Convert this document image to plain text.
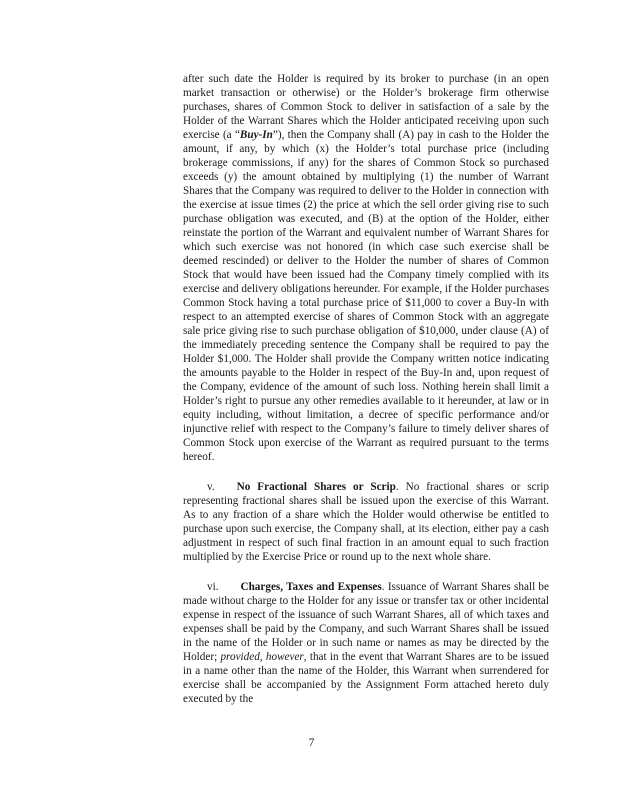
after such date the Holder is required by its broker to purchase (in an open market transaction or otherwise) or the Holder’s brokerage firm otherwise purchases, shares of Common Stock to deliver in satisfaction of a sale by the Holder of the Warrant Shares which the Holder anticipated receiving upon such exercise (a “Buy-In”), then the Company shall (A) pay in cash to the Holder the amount, if any, by which (x) the Holder’s total purchase price (including brokerage commissions, if any) for the shares of Common Stock so purchased exceeds (y) the amount obtained by multiplying (1) the number of Warrant Shares that the Company was required to deliver to the Holder in connection with the exercise at issue times (2) the price at which the sell order giving rise to such purchase obligation was executed, and (B) at the option of the Holder, either reinstate the portion of the Warrant and equivalent number of Warrant Shares for which such exercise was not honored (in which case such exercise shall be deemed rescinded) or deliver to the Holder the number of shares of Common Stock that would have been issued had the Company timely complied with its exercise and delivery obligations hereunder. For example, if the Holder purchases Common Stock having a total purchase price of $11,000 to cover a Buy-In with respect to an attempted exercise of shares of Common Stock with an aggregate sale price giving rise to such purchase obligation of $10,000, under clause (A) of the immediately preceding sentence the Company shall be required to pay the Holder $1,000. The Holder shall provide the Company written notice indicating the amounts payable to the Holder in respect of the Buy-In and, upon request of the Company, evidence of the amount of such loss. Nothing herein shall limit a Holder’s right to pursue any other remedies available to it hereunder, at law or in equity including, without limitation, a decree of specific performance and/or injunctive relief with respect to the Company’s failure to timely deliver shares of Common Stock upon exercise of the Warrant as required pursuant to the terms hereof.

v. No Fractional Shares or Scrip. No fractional shares or scrip representing fractional shares shall be issued upon the exercise of this Warrant. As to any fraction of a share which the Holder would otherwise be entitled to purchase upon such exercise, the Company shall, at its election, either pay a cash adjustment in respect of such final fraction in an amount equal to such fraction multiplied by the Exercise Price or round up to the next whole share.

vi. Charges, Taxes and Expenses. Issuance of Warrant Shares shall be made without charge to the Holder for any issue or transfer tax or other incidental expense in respect of the issuance of such Warrant Shares, all of which taxes and expenses shall be paid by the Company, and such Warrant Shares shall be issued in the name of the Holder or in such name or names as may be directed by the Holder; provided, however, that in the event that Warrant Shares are to be issued in a name other than the name of the Holder, this Warrant when surrendered for exercise shall be accompanied by the Assignment Form attached hereto duly executed by the

7
